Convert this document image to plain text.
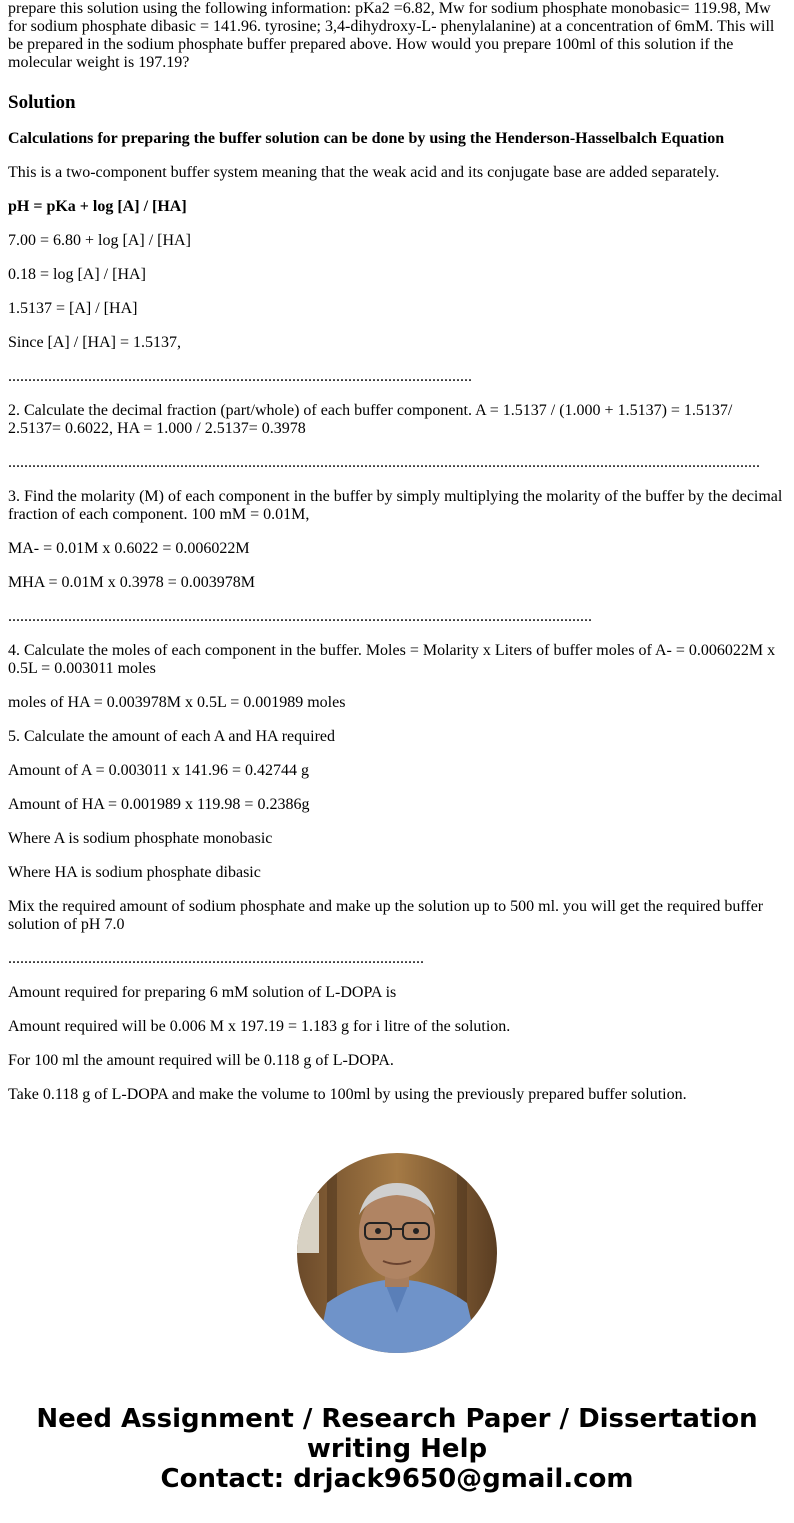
prepare this solution using the following information: pKa2 =6.82, Mw for sodium phosphate monobasic= 119.98, Mw for sodium phosphate dibasic = 141.96. tyrosine; 3,4-dihydroxy-L- phenylalanine) at a concentration of 6mM. This will be prepared in the sodium phosphate buffer prepared above. How would you prepare 100ml of this solution if the molecular weight is 197.19?

Solution

Calculations for preparing the buffer solution can be done by using the Henderson-Hasselbalch Equation

This is a two-component buffer system meaning that the weak acid and its conjugate base are added separately.

pH = pKa + log [A] / [HA]

7.00 = 6.80 + log [A] / [HA]

0.18 = log [A] / [HA]

1.5137 = [A] / [HA]

Since [A] / [HA] = 1.5137,

....................................................................................................................

2. Calculate the decimal fraction (part/whole) of each buffer component. A = 1.5137 / (1.000 + 1.5137) = 1.5137/ 2.5137= 0.6022, HA = 1.000 / 2.5137= 0.3978

............................................................................................................................................................................................

3. Find the molarity (M) of each component in the buffer by simply multiplying the molarity of the buffer by the decimal fraction of each component. 100 mM = 0.01M,

MA- = 0.01M x 0.6022 = 0.006022M

MHA = 0.01M x 0.3978 = 0.003978M

..................................................................................................................................................

4. Calculate the moles of each component in the buffer. Moles = Molarity x Liters of buffer moles of A- = 0.006022M x 0.5L = 0.003011 moles

moles of HA = 0.003978M x 0.5L = 0.001989 moles

5. Calculate the amount of each A and HA required

Amount of A = 0.003011 x 141.96 = 0.42744 g

Amount of HA = 0.001989 x 119.98 = 0.2386g

Where A is sodium phosphate monobasic

Where HA is sodium phosphate dibasic

Mix the required amount of sodium phosphate and make up the solution up to 500 ml. you will get the required buffer solution of pH 7.0

........................................................................................................

Amount required for preparing 6 mM solution of L-DOPA is

Amount required will be 0.006 M x 197.19 = 1.183 g for i litre of the solution.

For 100 ml the amount required will be 0.118 g of L-DOPA.

Take 0.118 g of L-DOPA and make the volume to 100ml by using the previously prepared buffer solution.

Need Assignment / Research Paper / Dissertation
writing Help
Contact: drjack9650@gmail.com
